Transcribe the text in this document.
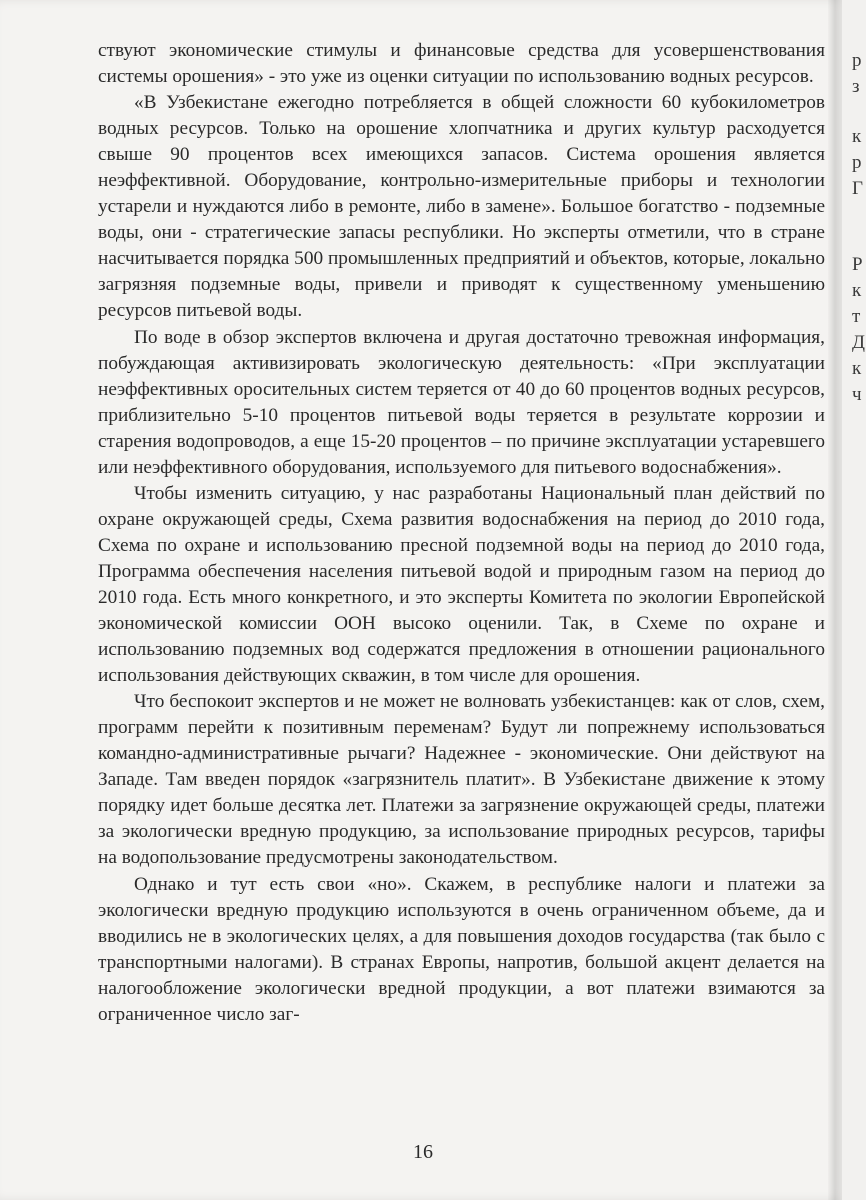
ствуют экономические стимулы и финансовые средства для усовершенствования системы орошения» - это уже из оценки ситуации по использованию водных ресурсов.

«В Узбекистане ежегодно потребляется в общей сложности 60 кубокилометров водных ресурсов. Только на орошение хлопчатника и других культур расходуется свыше 90 процентов всех имеющихся запасов. Система орошения является неэффективной. Оборудование, контрольно-измерительные приборы и технологии устарели и нуждаются либо в ремонте, либо в замене». Большое богатство - подземные воды, они - стратегические запасы республики. Но эксперты отметили, что в стране насчитывается порядка 500 промышленных предприятий и объектов, которые, локально загрязняя подземные воды, привели и приводят к существенному уменьшению ресурсов питьевой воды.

По воде в обзор экспертов включена и другая достаточно тревожная информация, побуждающая активизировать экологическую деятельность: «При эксплуатации неэффективных оросительных систем теряется от 40 до 60 процентов водных ресурсов, приблизительно 5-10 процентов питьевой воды теряется в результате коррозии и старения водопроводов, а еще 15-20 процентов – по причине эксплуатации устаревшего или неэффективного оборудования, используемого для питьевого водоснабжения».

Чтобы изменить ситуацию, у нас разработаны Национальный план действий по охране окружающей среды, Схема развития водоснабжения на период до 2010 года, Схема по охране и использованию пресной подземной воды на период до 2010 года, Программа обеспечения населения питьевой водой и природным газом на период до 2010 года. Есть много конкретного, и это эксперты Комитета по экологии Европейской экономической комиссии ООН высоко оценили. Так, в Схеме по охране и использованию подземных вод содержатся предложения в отношении рационального использования действующих скважин, в том числе для орошения.

Что беспокоит экспертов и не может не волновать узбекистанцев: как от слов, схем, программ перейти к позитивным переменам? Будут ли попрежнему использоваться командно-административные рычаги? Надежнее - экономические. Они действуют на Западе. Там введен порядок «загрязнитель платит». В Узбекистане движение к этому порядку идет больше десятка лет. Платежи за загрязнение окружающей среды, платежи за экологически вредную продукцию, за использование природных ресурсов, тарифы на водопользование предусмотрены законодательством.

Однако и тут есть свои «но». Скажем, в республике налоги и платежи за экологически вредную продукцию используются в очень ограниченном объеме, да и вводились не в экологических целях, а для повышения доходов государства (так было с транспортными налогами). В странах Европы, напротив, большой акцент делается на налогообложение экологически вредной продукции, а вот платежи взимаются за ограниченное число заг-

16
р
з
к
р
Г
Р
к
т
Д
к
ч
